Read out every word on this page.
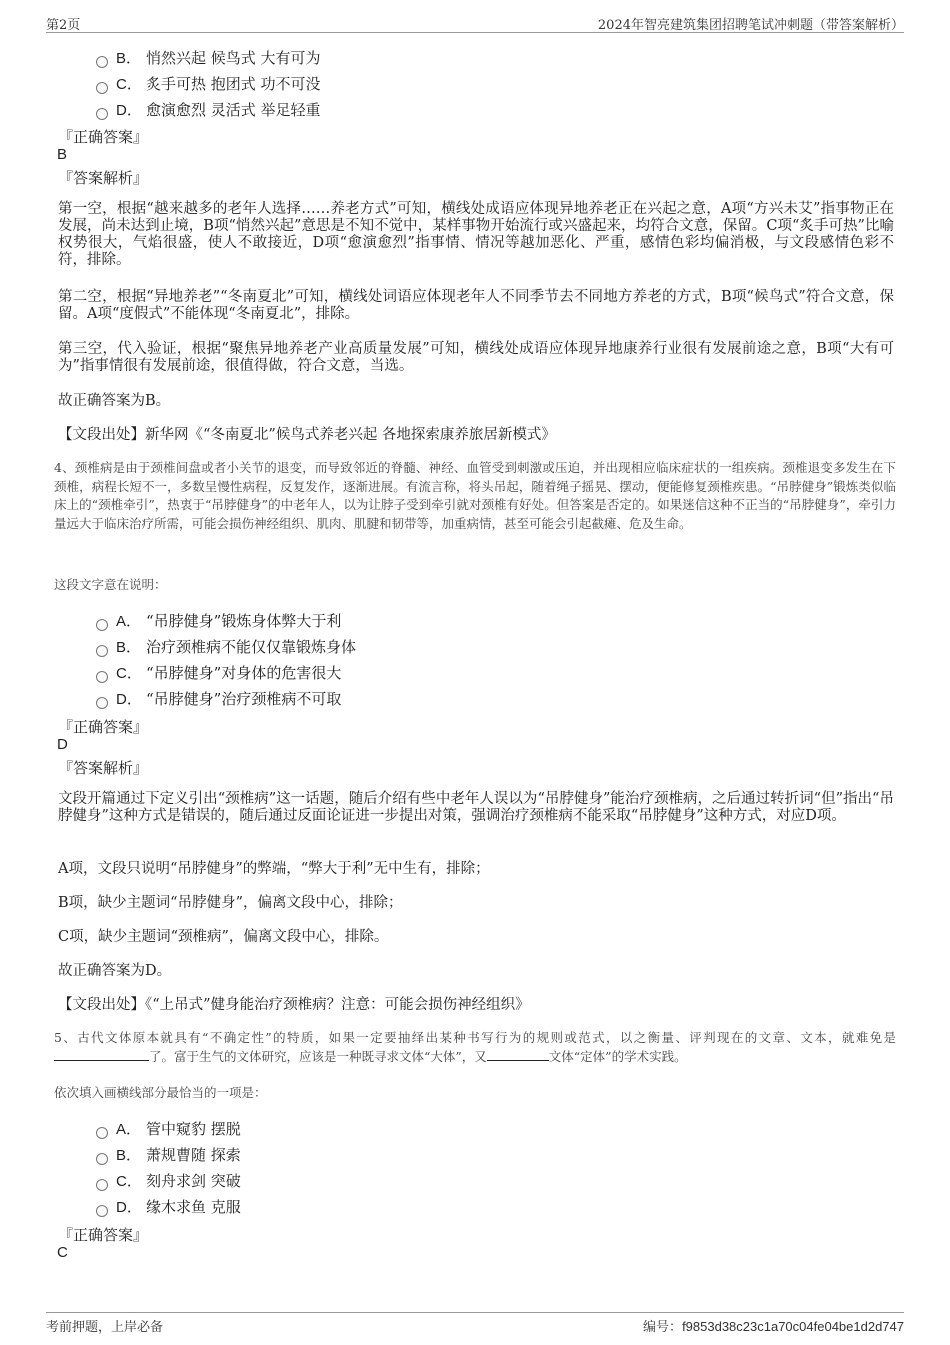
第2页	2024年智亮建筑集团招聘笔试冲刺题（带答案解析）
B． 悄然兴起 候鸟式 大有可为
C． 炙手可热 抱团式 功不可没
D． 愈演愈烈 灵活式 举足轻重
『正确答案』
B
『答案解析』
第一空，根据“越来越多的老年人选择……养老方式”可知，横线处成语应体现异地养老正在兴起之意，A项“方兴未艾”指事物正在发展，尚未达到止境，B项“悄然兴起”意思是不知不觉中，某样事物开始流行或兴盛起来，均符合文意，保留。C项“炙手可热”比喻权势很大，气焰很盛，使人不敢接近，D项“愈演愈烈”指事情、情况等越加恶化、严重，感情色彩均偏消极，与文段感情色彩不符，排除。
第二空，根据“异地养老”“冬南夏北”可知，横线处词语应体现老年人不同季节去不同地方养老的方式，B项“候鸟式”符合文意，保留。A项“度假式”不能体现“冬南夏北”，排除。
第三空，代入验证，根据“聚焦异地养老产业高质量发展”可知，横线处成语应体现异地康养行业很有发展前途之意，B项“大有可为”指事情很有发展前途，很值得做，符合文意，当选。
故正确答案为B。
【文段出处】新华网《“冬南夏北”候鸟式养老兴起 各地探索康养旅居新模式》
4、颈椎病是由于颈椎间盘或者小关节的退变，而导致邻近的脊髓、神经、血管受到刺激或压迫，并出现相应临床症状的一组疾病。颈椎退变多发生在下颈椎，病程长短不一，多数呈慢性病程，反复发作，逐渐进展。有流言称，将头吊起，随着绳子摇晃、摆动，便能修复颈椎疾患。“吊脖健身”锻炼类似临床上的“颈椎牵引”，热衷于“吊脖健身”的中老年人，以为让脖子受到牵引就对颈椎有好处。但答案是否定的。如果迷信这种不正当的“吊脖健身”，牵引力量远大于临床治疗所需，可能会损伤神经组织、肌肉、肌腱和韧带等，加重病情，甚至可能会引起截瘫、危及生命。
这段文字意在说明：
A． “吊脖健身”锻炼身体弊大于利
B． 治疗颈椎病不能仅仅靠锻炼身体
C． “吊脖健身”对身体的危害很大
D． “吊脖健身”治疗颈椎病不可取
『正确答案』
D
『答案解析』
文段开篇通过下定义引出“颈椎病”这一话题，随后介绍有些中老年人误以为“吊脖健身”能治疗颈椎病，之后通过转折词“但”指出“吊脖健身”这种方式是错误的，随后通过反面论证进一步提出对策，强调治疗颈椎病不能采取“吊脖健身”这种方式，对应D项。
A项，文段只说明“吊脖健身”的弊端，“弊大于利”无中生有，排除；
B项，缺少主题词“吊脖健身”，偏离文段中心，排除；
C项，缺少主题词“颈椎病”，偏离文段中心，排除。
故正确答案为D。
【文段出处】《“上吊式”健身能治疗颈椎病？注意：可能会损伤神经组织》
5、古代文体原本就具有“不确定性”的特质，如果一定要抽绎出某种书写行为的规则或范式，以之衡量、评判现在的文章、文本，就难免是了。富于生气的文体研究，应该是一种既寻求文体“大体”，又	文体“定体”的学术实践。
依次填入画横线部分最恰当的一项是：
A． 管中窥豹 摆脱
B． 萧规曹随 探索
C． 刻舟求剑 突破
D． 缘木求鱼 克服
『正确答案』
C
考前押题，上岸必备	编号：f9853d38c23c1a70c04fe04be1d2d747
